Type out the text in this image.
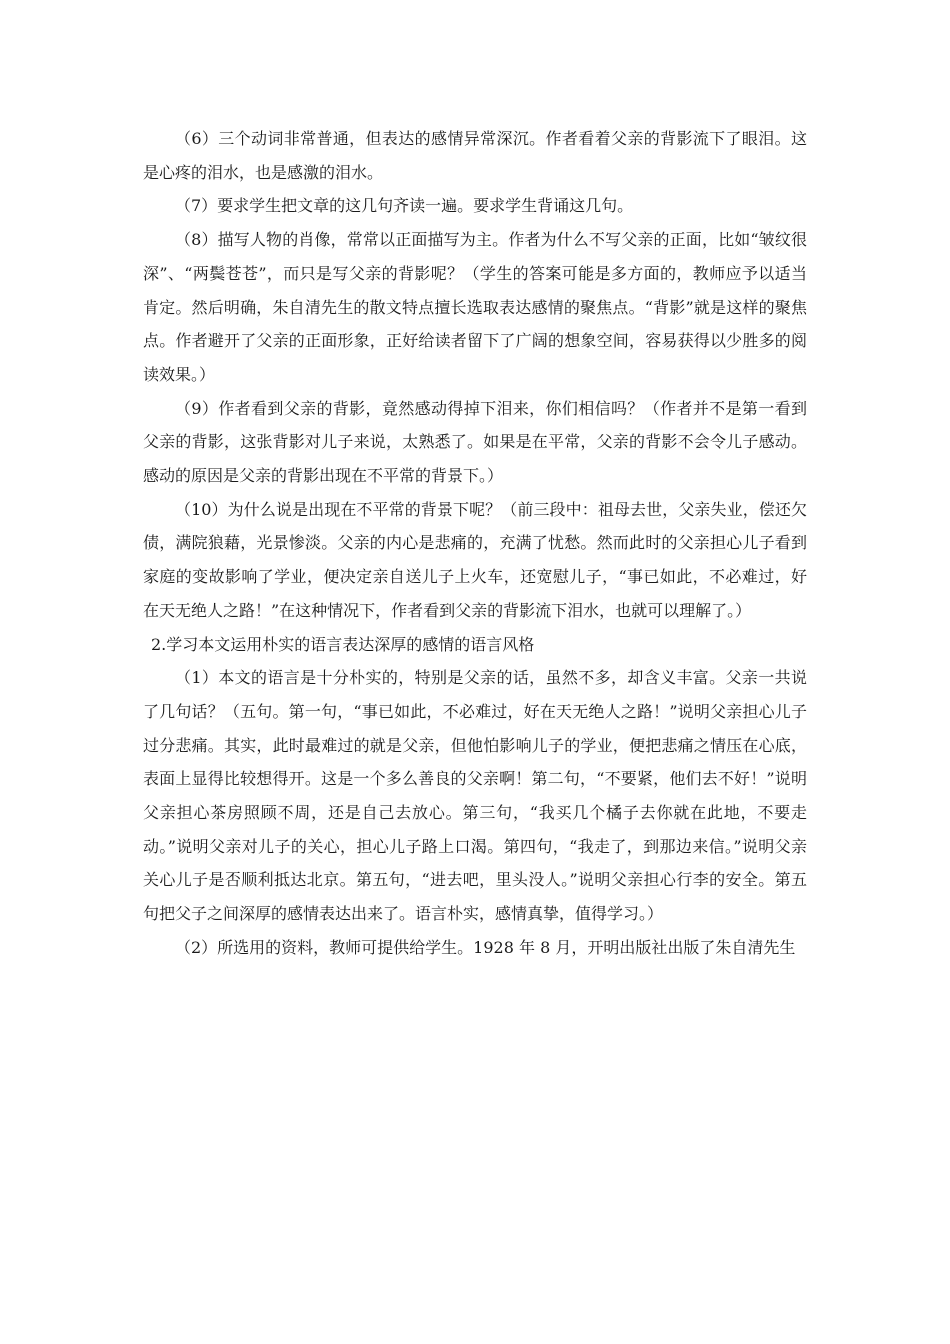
（6）三个动词非常普通，但表达的感情异常深沉。作者看着父亲的背影流下了眼泪。这是心疼的泪水，也是感激的泪水。

（7）要求学生把文章的这几句齐读一遍。要求学生背诵这几句。

（8）描写人物的肖像，常常以正面描写为主。作者为什么不写父亲的正面，比如“皱纹很深”、“两鬓苍苍”，而只是写父亲的背影呢？（学生的答案可能是多方面的，教师应予以适当肯定。然后明确，朱自清先生的散文特点擅长选取表达感情的聚焦点。“背影”就是这样的聚焦点。作者避开了父亲的正面形象，正好给读者留下了广阔的想象空间，容易获得以少胜多的阅读效果。）

（9）作者看到父亲的背影，竟然感动得掉下泪来，你们相信吗？（作者并不是第一看到父亲的背影，这张背影对儿子来说，太熟悉了。如果是在平常，父亲的背影不会令儿子感动。感动的原因是父亲的背影出现在不平常的背景下。）

（10）为什么说是出现在不平常的背景下呢？（前三段中：祖母去世，父亲失业，偿还欠债，满院狼藉，光景惨淡。父亲的内心是悲痛的，充满了忧愁。然而此时的父亲担心儿子看到家庭的变故影响了学业，便决定亲自送儿子上火车，还宽慰儿子，“事已如此，不必难过，好在天无绝人之路！”在这种情况下，作者看到父亲的背影流下泪水，也就可以理解了。）

2.学习本文运用朴实的语言表达深厚的感情的语言风格

（1）本文的语言是十分朴实的，特别是父亲的话，虽然不多，却含义丰富。父亲一共说了几句话？（五句。第一句，“事已如此，不必难过，好在天无绝人之路！”说明父亲担心儿子过分悲痛。其实，此时最难过的就是父亲，但他怕影响儿子的学业，便把悲痛之情压在心底，表面上显得比较想得开。这是一个多么善良的父亲啊！第二句，“不要紧，他们去不好！”说明父亲担心茶房照顾不周，还是自己去放心。第三句，“我买几个橘子去你就在此地，不要走动。”说明父亲对儿子的关心，担心儿子路上口渴。第四句，“我走了，到那边来信。”说明父亲关心儿子是否顺利抵达北京。第五句，“进去吧，里头没人。”说明父亲担心行李的安全。第五句把父子之间深厚的感情表达出来了。语言朴实，感情真挚，值得学习。）

（2）所选用的资料，教师可提供给学生。1928 年 8 月，开明出版社出版了朱自清先生
